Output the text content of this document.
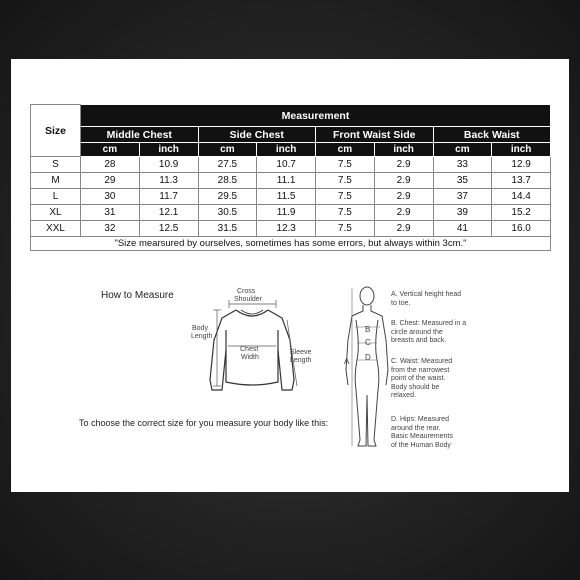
Size	Measurement							
	Middle Chest		Side Chest		Front Waist Side		Back Waist	
	cm	inch	cm	inch	cm	inch	cm	inch
S	28	10.9	27.5	10.7	7.5	2.9	33	12.9
M	29	11.3	28.5	11.1	7.5	2.9	35	13.7
L	30	11.7	29.5	11.5	7.5	2.9	37	14.4
XL	31	12.1	30.5	11.9	7.5	2.9	39	15.2
XXL	32	12.5	31.5	12.3	7.5	2.9	41	16.0
"Size mearsured by ourselves, sometimes has some errors, but always within 3cm."								
How to Measure	Cross
Shoulder
Body
Length
Chest
Width
Sleeve
Length
To choose the correct size for you measure your body like this:
B
C
A D
A. Vertical height head
to toe.
B. Chest: Measured in a
circle around the
breasts and back.
C. Waist: Measured
from the narrowest
point of the waist.
Body should be
relaxed.
D. Hips: Measured
around the rear.
Basic Meaurements
of the Human Body
